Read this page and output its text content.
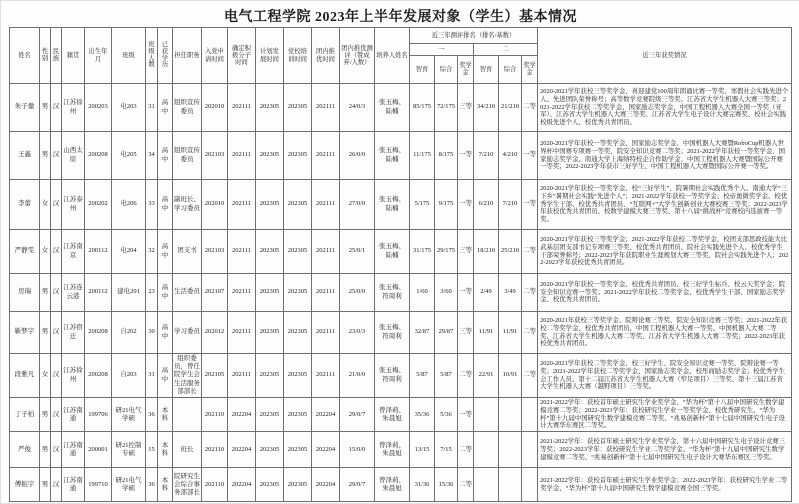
电气工程学院 2023年上半年发展对象（学生）基本情况
姓名	性别	民族	籍贯	出生年月	班级	班级人数	已获学历	担任职务	入党申请时间	确定积极分子时间	计划发展时间	党校培训时间	团内推优时间	团内推优测评（赞成弃/人数）	培养人姓名	近三年测评排名（排名/基数）						近三年获奖情况
																一			二			
																智育	综合	奖学金	智育	综合	奖学金	
朱子徹	男	汉	江苏徐州	200203	电203	31	高中	组织宣传委员	202010	202111	202305	202305	202111	24/0/3	张玉梅、陆楠	85/175	72/175	三等	34/210	21/210	二等	2020-2021学年获校三等奖学金、喜迎建党100周年朗诵比赛一等奖、寒假社会实践先进个人、先进团队荣誉称号；高等数学竞赛院级三等奖、江苏省大学生机器人大赛三等奖；2021-2022学年获校二等奖学金、国家励志奖学金、中国工程机器人大赛全国一等奖（亚军）、江苏省大学生机器人大赛三等奖、江苏省大学生电子设计大赛完赛奖、校社会实践校级先进个人、校优秀共青团员。
王鑫	男	汉	山西太原	200208	电205	34	高中	组织宣传委员	202103	202111	202305	202305	202111	26/0/0	张玉梅、陆楠	11/175	8/175	一等	7/210	4/210	一等	2020-2021学年获校一等奖学金、国家励志奖学金、中国机器人大赛暨RoboCup机器人世界杯中国赛专项赛一等奖、院安全知识竞赛二等奖；2021-2022学年获校一等奖学金、国家励志奖学金、南通大学上海纳特校企合作助学金、中国工程机器人大赛暨国际公开赛一等奖；2022-2023学年获市三好学生、中国工程机器人大赛暨国际公开赛一等奖。
李蕾	女	汉	江苏泰州	200202	电206	33	高中	副班长、学习委员	202010	202111	202305	202305	202111	27/0/0	张玉梅、陆楠	5/175	9/175	一等	6/210	7/210	一等	2020-2021学年获校一等奖学金、校“三好学生”、院暑期社会实践优秀个人、南通大学“三下乡”暑期社会实践“先进个人”；2021-2022学年获校一等奖学金、校帝奥微奖学金、校优秀学生干部、校优秀共青团员、“互联网+”大学生创新创业大赛校赛三等奖；2022-2023学年获校优秀共青团员、校数学建模大赛三等奖、第十八届“挑战杯”竞赛校内选拔赛一等奖。
严静雯	女	汉	江苏南京	200112	电204	32	高中	团支书	202103	202111	202305	202305	202111	25/0/1	张玉梅、陆楠	31/175	29/175	三等	18/210	25/210	二等	2020-2021学年获校三等奖学金；2021-2022学年获校二等奖学金、校团支部思政技能大比武基层团支部书记专项赛三等奖、校优秀共青团员、院社会实践先进个人、校优秀学生干部荣誉称号；2022-2023学年获院职业生涯规划大赛三等奖、院社会实践先进个人；2022-2023学年获校优秀共青团员。
房瑞	男	汉	江苏连云港	200112	建电201	23	高中	生活委员	202107	202111	202305	202305	202111	25/0/0	张玉梅、符周利	1/60	3/60	一等	2/49	3/49	二等	2020-2021学年获校一等奖学金、校优秀共青团员、校三好学生标兵、校云天奖学金；院安全知识竞赛一等奖；2021-2022学年获校二等奖学金、校优秀学生干部、国家励志奖学金、校优秀共青团员。
靳梦宇	男	汉	江苏宿迁	200208	自202	30	高中	学习委员	202012	202111	202305	202305	202111	23/0/3	张玉梅、符周利	32/87	29/87	三等	11/91	11/91	二等	2020-2021年获校三等奖学金、院辩论赛三等奖、院安全知识竞赛三等奖；2021-2022年获校二等奖学金、校优秀共青团员、中国工程机器人大赛一等奖、中国机器人大赛二等奖、江苏省大学生机器人大赛二等奖、江苏省大学生机器人大赛二等奖；2022-2023年获校优秀共青团员。
段雅凡	女	汉	江苏徐州	200208	自203	31	高中	组织委员，曾任院学生会生活服务部部长	202105	202111	202305	202305	202111	21/0/0	张玉梅、符周利	5/87	5/87	二等	22/91	10/91	二等	2020-2021学年获校二等奖学金、校三好学生、院安全知识竞赛一等奖、院辩论赛一等奖；2021-2022学年获校二等奖学金、国家励志奖学金、校彤商励志奖学金；校优秀学生会工作人员、第十二届江苏省大学生机器人大赛（窄足项目）三等奖、第十三届江苏省大学生机器人大赛（越野项目）三等奖。
丁子柏	男	汉	江苏南通	199706	研21电气学硕	36	本科		202110	202204	202305	202305	202204	29/0/7	曾泽莉、朱晨旭	35/36	5/36	一等				2021-2022学年：获校首年硕士研究生学业奖学金、“华为杯”第十八届中国研究生数学建模竞赛二等奖；2022-2023学年：获校研究生学业一等奖学金、校优秀研究生、“华为杯”第十九届中国研究生数学建模竞赛二等奖、“兆易创新杯”第十七届中国研究生电子设计大赛华东赛区二等奖。
严俊	男	汉	江苏南通	200001	研21控制专硕	15	本科	班长	202110	202204	202305	202305	202204	15/0/0	曾泽莉、朱晨旭	13/15	7/15	二等				2021-2022学年：获校首年硕士研究生学业奖学金、第十六届中国研究生电子设计竞赛三等奖；2022-2023学年：获校研究生学业二等奖学金、“华为杯”第十九届中国研究生数学建模竞赛二等奖、“兆易创新杯”第十七届中国研究生电子设计大赛华东赛区三等奖。
傅振宇	男	汉	江苏南通	199710	研21电气学硕	36	本科	院研究生会综合事务部部长	202110	202204	202305	202305	202204	29/0/7	曾泽莉、朱晨旭	31/36	15/36	二等				2021-2022学年：获校首年硕士研究生学业奖学金；2022-2023学年：获校研究生学业二等奖学金、“华为杯”第十九届中国研究生数学建模竞赛全国三等奖。
